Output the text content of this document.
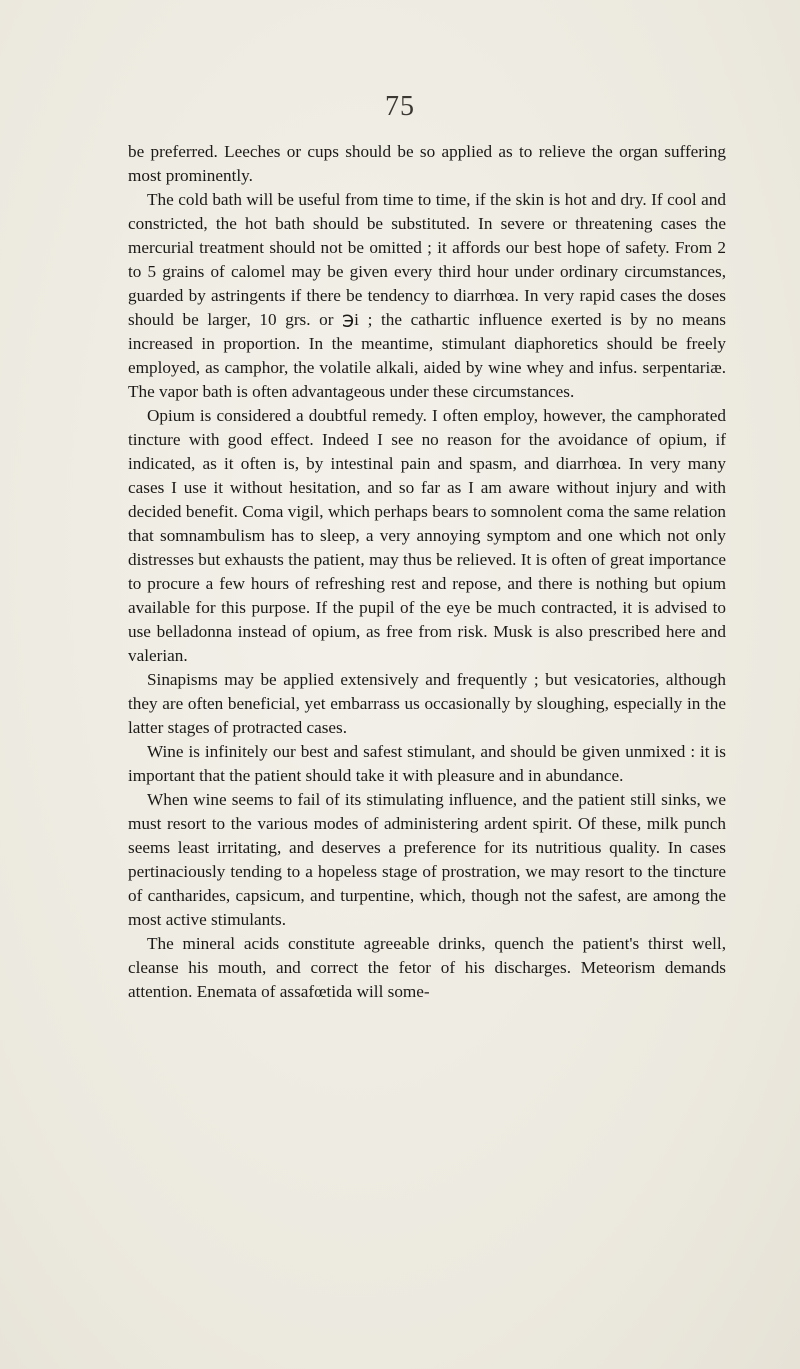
75

be preferred. Leeches or cups should be so applied as to relieve the organ suffering most prominently.

The cold bath will be useful from time to time, if the skin is hot and dry. If cool and constricted, the hot bath should be substituted. In severe or threatening cases the mercurial treatment should not be omitted ; it affords our best hope of safety. From 2 to 5 grains of calomel may be given every third hour under ordinary circumstances, guarded by astringents if there be tendency to diarrhœa. In very rapid cases the doses should be larger, 10 grs. or ℈i ; the cathartic influence exerted is by no means increased in proportion. In the meantime, stimulant diaphoretics should be freely employed, as camphor, the volatile alkali, aided by wine whey and infus. serpentariæ. The vapor bath is often advantageous under these circumstances.

Opium is considered a doubtful remedy. I often employ, however, the camphorated tincture with good effect. Indeed I see no reason for the avoidance of opium, if indicated, as it often is, by intestinal pain and spasm, and diarrhœa. In very many cases I use it without hesitation, and so far as I am aware without injury and with decided benefit. Coma vigil, which perhaps bears to somnolent coma the same relation that somnambulism has to sleep, a very annoying symptom and one which not only distresses but exhausts the patient, may thus be relieved. It is often of great importance to procure a few hours of refreshing rest and repose, and there is nothing but opium available for this purpose. If the pupil of the eye be much contracted, it is advised to use belladonna instead of opium, as free from risk. Musk is also prescribed here and valerian.

Sinapisms may be applied extensively and frequently ; but vesicatories, although they are often beneficial, yet embarrass us occasionally by sloughing, especially in the latter stages of protracted cases.

Wine is infinitely our best and safest stimulant, and should be given unmixed : it is important that the patient should take it with pleasure and in abundance.

When wine seems to fail of its stimulating influence, and the patient still sinks, we must resort to the various modes of administering ardent spirit. Of these, milk punch seems least irritating, and deserves a preference for its nutritious quality. In cases pertinaciously tending to a hopeless stage of prostration, we may resort to the tincture of cantharides, capsicum, and turpentine, which, though not the safest, are among the most active stimulants.

The mineral acids constitute agreeable drinks, quench the patient's thirst well, cleanse his mouth, and correct the fetor of his discharges. Meteorism demands attention. Enemata of assafœtida will some-
